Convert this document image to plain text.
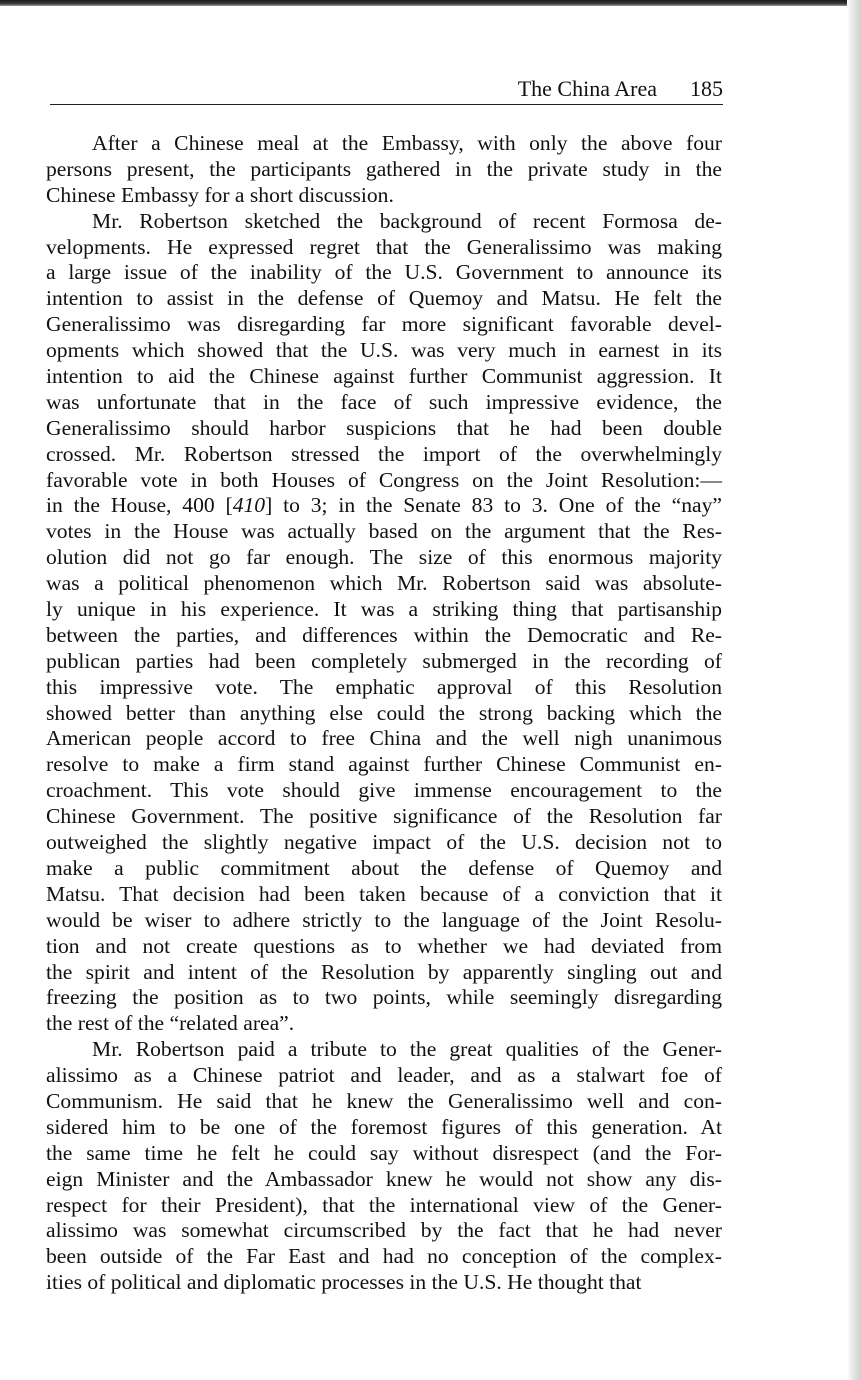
The China Area 185
After a Chinese meal at the Embassy, with only the above four
persons present, the participants gathered in the private study in the
Chinese Embassy for a short discussion.
Mr. Robertson sketched the background of recent Formosa de-
velopments. He expressed regret that the Generalissimo was making
a large issue of the inability of the U.S. Government to announce its
intention to assist in the defense of Quemoy and Matsu. He felt the
Generalissimo was disregarding far more significant favorable devel-
opments which showed that the U.S. was very much in earnest in its
intention to aid the Chinese against further Communist aggression. It
was unfortunate that in the face of such impressive evidence, the
Generalissimo should harbor suspicions that he had been double
crossed. Mr. Robertson stressed the import of the overwhelmingly
favorable vote in both Houses of Congress on the Joint Resolution:—
in the House, 400 [410] to 3; in the Senate 83 to 3. One of the “nay”
votes in the House was actually based on the argument that the Res-
olution did not go far enough. The size of this enormous majority
was a political phenomenon which Mr. Robertson said was absolute-
ly unique in his experience. It was a striking thing that partisanship
between the parties, and differences within the Democratic and Re-
publican parties had been completely submerged in the recording of
this impressive vote. The emphatic approval of this Resolution
showed better than anything else could the strong backing which the
American people accord to free China and the well nigh unanimous
resolve to make a firm stand against further Chinese Communist en-
croachment. This vote should give immense encouragement to the
Chinese Government. The positive significance of the Resolution far
outweighed the slightly negative impact of the U.S. decision not to
make a public commitment about the defense of Quemoy and
Matsu. That decision had been taken because of a conviction that it
would be wiser to adhere strictly to the language of the Joint Resolu-
tion and not create questions as to whether we had deviated from
the spirit and intent of the Resolution by apparently singling out and
freezing the position as to two points, while seemingly disregarding
the rest of the “related area”.
Mr. Robertson paid a tribute to the great qualities of the Gener-
alissimo as a Chinese patriot and leader, and as a stalwart foe of
Communism. He said that he knew the Generalissimo well and con-
sidered him to be one of the foremost figures of this generation. At
the same time he felt he could say without disrespect (and the For-
eign Minister and the Ambassador knew he would not show any dis-
respect for their President), that the international view of the Gener-
alissimo was somewhat circumscribed by the fact that he had never
been outside of the Far East and had no conception of the complex-
ities of political and diplomatic processes in the U.S. He thought that
